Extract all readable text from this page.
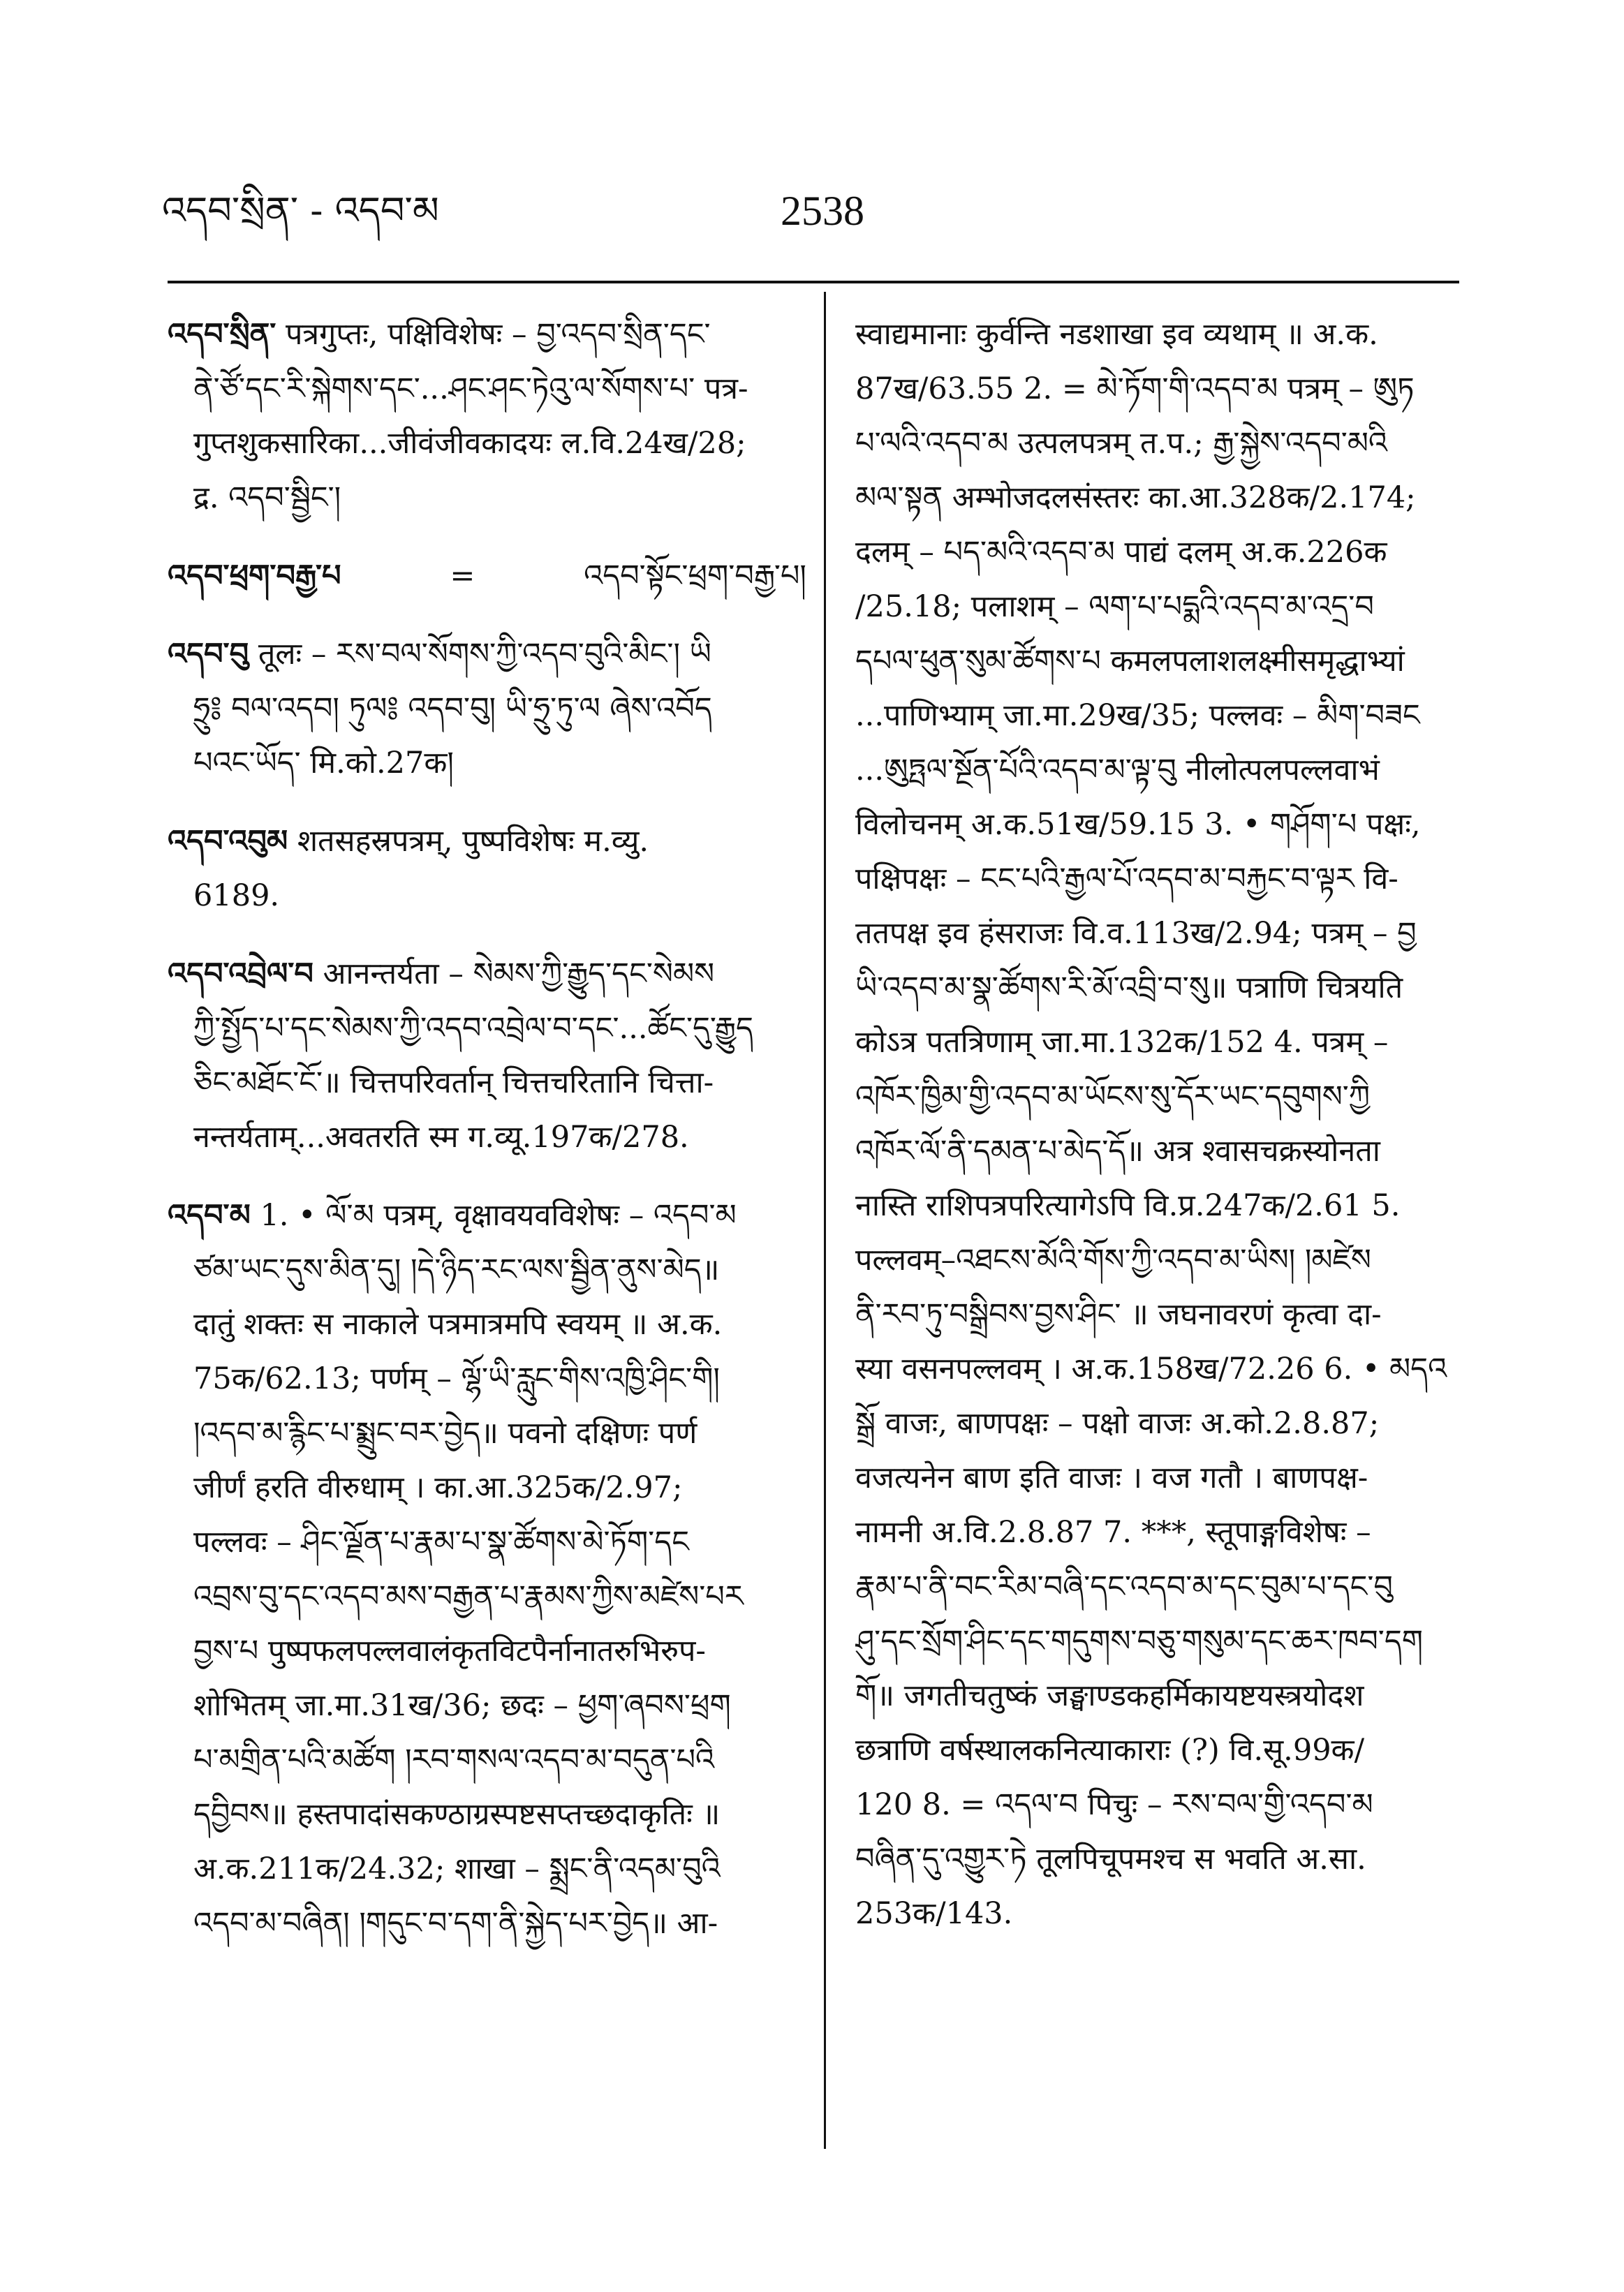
འདབ་སྲིན་ - འདབ་མ	2538
འདབ་སྲིན་ पत्रगुप्तः, पक्षिविशेषः – བྱ་འདབ་སྲིན་དང་
ནེ་ཙོ་དང་རི་སྐེགས་དང་...ཤང་ཤང་ཏེའུ་ལ་སོགས་པ་ पत्र-
गुप्तशुकसारिका...जीवंजीवकादयः ल.वि.24ख/28;
द्र. འདབ་སྦྱིང་།
འདབ་ཕྲག་བརྒྱ་པ	=	འདབ་སྟོང་ཕྲག་བརྒྱ་པ།
འདབ་བུ तूलः – རས་བལ་སོགས་ཀྱི་འདབ་བུའི་མིང་། ཡི
ཧྲུ༔ བལ་འདབ། ཏུལ༔ འདབ་བུ། ཡི་ཧྲུ་ཏུ་ལ ཞེས་འབོད
པའང་ཡོད་ मि.को.27क།
འདབ་འབུམ शतसहस्रपत्रम्, पुष्पविशेषः म.व्यु.
6189.
འདབ་འབྲེལ་བ आनन्तर्यता – སེམས་ཀྱི་རྒྱུད་དང་སེམས
ཀྱི་སྤྱོད་པ་དང་སེམས་ཀྱི་འདབ་འབྲེལ་བ་དང་...ཚོང་དུ་རྒྱུད
ཅིང་མཐོང་ངོ་॥ चित्तपरिवर्तान् चित्तचरितानि चित्ता-
नन्तर्यताम्...अवतरति स्म ग.व्यू.197क/278.
འདབ་མ 1. • ལོ་མ पत्रम्, वृक्षावयवविशेषः – འདབ་མ
ཙམ་ཡང་དུས་མིན་དུ། །དེ་ཉིད་རང་ལས་སྦྱིན་ནུས་མེད॥
दातुं शक्तः स नाकाले पत्रमात्रमपि स्वयम् ॥ अ.क.
75क/62.13; पर्णम् – ལྷོ་ཡི་རླུང་གིས་འཁྱི་ཤིང་གི།
།འདབ་མ་རྙིང་པ་སྨྲུང་བར་བྱེད॥ पवनो दक्षिणः पर्ण
जीर्णं हरति वीरुधाम् । का.आ.325क/2.97;
पल्लवः – ཤིང་ལྗོན་པ་རྣམ་པ་སྣ་ཚོགས་མེ་ཏོག་དང
འབྲས་བུ་དང་འདབ་མས་བརྒྱན་པ་རྣམས་ཀྱིས་མཛེས་པར
བྱས་པ पुष्पफलपल्लवालंकृतविटपैर्नानातरुभिरुप-
शोभितम् जा.मा.31ख/36; छदः – ཕྱག་ཞབས་ཕྲག
པ་མགྲིན་པའི་མཚོག །རབ་གསལ་འདབ་མ་བདུན་པའི
དབྱིབས॥ हस्तपादांसकण्ठाग्रस्पष्टसप्तच्छदाकृतिः ॥
अ.क.211क/24.32; शाखा – སྨྲང་ནི་འདམ་བུའི
འདབ་མ་བཞིན། །གདུང་བ་དག་ནི་སྐྱེད་པར་བྱེད॥ आ-
स्वाद्यमानाः कुर्वन्ति नडशाखा इव व्यथाम् ॥ अ.क.
87ख/63.55 2. = མེ་ཏོག་གི་འདབ་མ पत्रम् – ཨུཏ
པ་ལའི་འདབ་མ उत्पलपत्रम् त.प.; རྒྱ་སྐྱེས་འདབ་མའི
མལ་སྟན अम्भोजदलसंस्तरः का.आ.328क/2.174;
दलम् – པད་མའི་འདབ་མ पाद्यं दलम् अ.क.226क
/25.18; पलाशम् – ལག་པ་པདྨའི་འདབ་མ་འདྲ་བ
དཔལ་ཕུན་སུམ་ཚོགས་པ कमलपलाशलक्ष्मीसमृद्धाभ्यां
...पाणिभ्याम् जा.मा.29ख/35; पल्लवः – མིག་བཟང
...ཨུཏྤལ་སྔོན་པོའི་འདབ་མ་ལྟ་བུ नीलोत्पलपल्लवाभं
विलोचनम् अ.क.51ख/59.15 3. • གཤོག་པ पक्षः,
पक्षिपक्षः – ངང་པའི་རྒྱལ་པོ་འདབ་མ་བརྐྱང་བ་ལྟར वि-
ततपक्ष इव हंसराजः वि.व.113ख/2.94; पत्रम् – བྱ
ཡི་འདབ་མ་སྣ་ཚོགས་རི་མོ་འབྲི་བ་སུ॥ पत्राणि चित्रयति
कोऽत्र पतत्रिणाम् जा.मा.132क/152 4. पत्रम् –
འཁོར་ཁྱིམ་གྱི་འདབ་མ་ཡོངས་སུ་དོར་ཡང་དབུགས་ཀྱི
འཁོར་ལོ་ནི་དམན་པ་མེད་དོ॥ अत्र श्वासचक्रस्योनता
नास्ति राशिपत्रपरित्यागेऽपि वि.प्र.247क/2.61 5.
पल्लवम्–འཐངས་མོའི་གོས་ཀྱི་འདབ་མ་ཡིས། །མཛེས
ནི་རབ་ཏུ་བསྒྲིབས་བྱས་ཤིང་ ॥ जघनावरणं कृत्वा दा-
स्या वसनपल्लवम् । अ.क.158ख/72.26 6. • མདའ
སྒྲོ वाजः, बाणपक्षः – पक्षो वाजः अ.को.2.8.87;
वजत्यनेन बाण इति वाजः । वज गतौ । बाणपक्ष-
नामनी अ.वि.2.8.87 7. ***, स्तूपाङ्गविशेषः –
རྣམ་པ་ནི་བང་རིམ་བཞི་དང་འདབ་མ་དང་བུམ་པ་དང་བུ
ཤུ་དང་སྲོག་ཤིང་དང་གདུགས་བཅུ་གསུམ་དང་ཆར་ཁབ་དག
གོ॥ जगतीचतुष्कं जङ्घाण्डकहर्मिकायष्टयस्त्रयोदश
छत्राणि वर्षस्थालकनित्याकाराः (?) वि.सू.99क/
120 8. = འདལ་བ पिचुः – རས་བལ་གྱི་འདབ་མ
བཞིན་དུ་འགྱུར་ཏེ तूलपिचूपमश्च स भवति अ.सा.
253क/143.
